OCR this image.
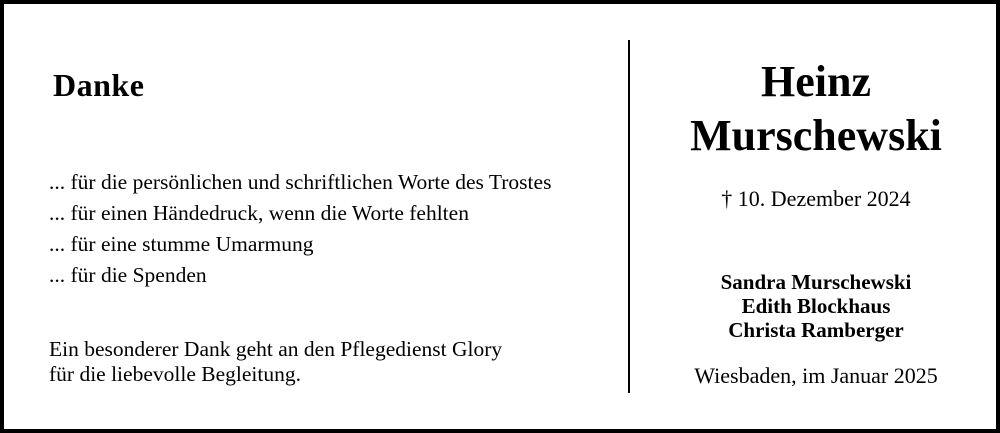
Danke
... für die persönlichen und schriftlichen Worte des Trostes
... für einen Händedruck, wenn die Worte fehlten
... für eine stumme Umarmung
... für die Spenden
Ein besonderer Dank geht an den Pflegedienst Glory
für die liebevolle Begleitung.
Heinz
Murschewski
† 10. Dezember 2024
Sandra Murschewski
Edith Blockhaus
Christa Ramberger
Wiesbaden, im Januar 2025
